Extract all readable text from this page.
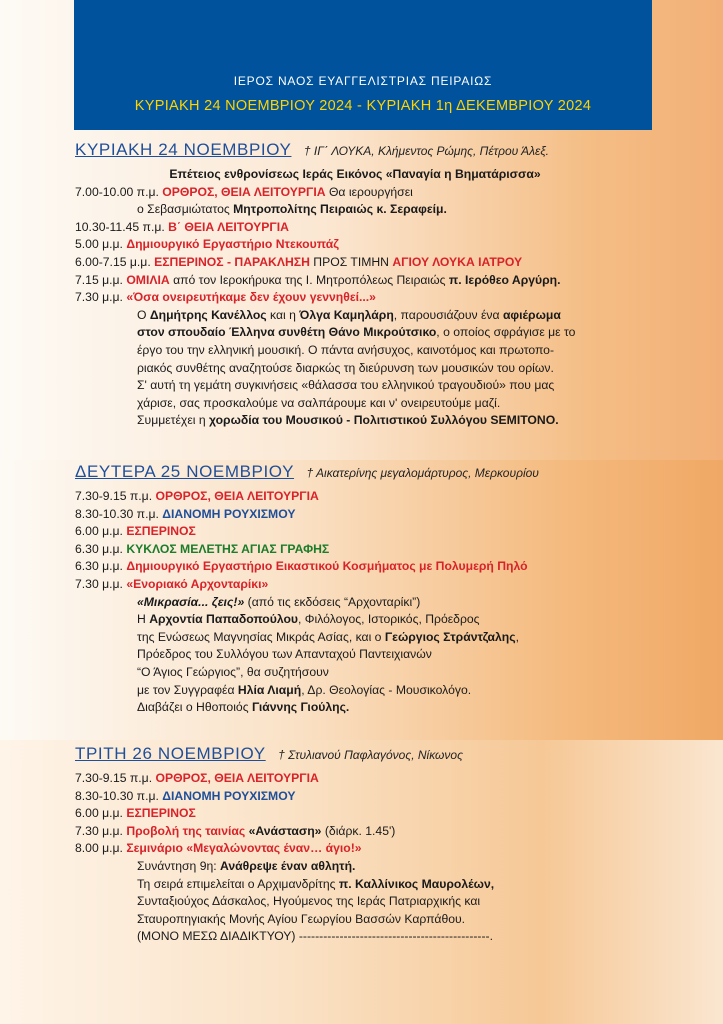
ΙΕΡΟΣ ΝΑΟΣ ΕΥΑΓΓΕΛΙΣΤΡΙΑΣ ΠΕΙΡΑΙΩΣ
ΚΥΡΙΑΚΗ 24 ΝΟΕΜΒΡΙΟΥ 2024 - ΚΥΡΙΑΚΗ 1η ΔΕΚΕΜΒΡΙΟΥ 2024
ΚΥΡΙΑΚΗ 24 ΝΟΕΜΒΡΙΟΥ † ΙΓ΄ ΛΟΥΚΑ, Κλήμεντος Ρώμης, Πέτρου Άλεξ.
Επέτειος ενθρονίσεως Ιεράς Εικόνος «Παναγία η Βηματάρισσα»
7.00-10.00 π.μ. ΟΡΘΡΟΣ, ΘΕΙΑ ΛΕΙΤΟΥΡΓΙΑ Θα ιερουργήσει
ο Σεβασμιώτατος Μητροπολίτης Πειραιώς κ. Σεραφείμ.
10.30-11.45 π.μ. Β΄ ΘΕΙΑ ΛΕΙΤΟΥΡΓΙΑ
5.00 μ.μ. Δημιουργικό Εργαστήριο Ντεκουπάζ
6.00-7.15 μ.μ. ΕΣΠΕΡΙΝΟΣ - ΠΑΡΑΚΛΗΣΗ ΠΡΟΣ ΤΙΜΗΝ ΑΓΙΟΥ ΛΟΥΚΑ ΙΑΤΡΟΥ
7.15 μ.μ. ΟΜΙΛΙΑ από τον Ιεροκήρυκα της Ι. Μητροπόλεως Πειραιώς π. Ιερόθεο Αργύρη.
7.30 μ.μ. «Όσα ονειρευτήκαμε δεν έχουν γεννηθεί...»
Ο Δημήτρης Κανέλλος και η Όλγα Καμηλάρη, παρουσιάζουν ένα αφιέρωμα
στον σπουδαίο Έλληνα συνθέτη Θάνο Μικρούτσικο, ο οποίος σφράγισε με το
έργο του την ελληνική μουσική. Ο πάντα ανήσυχος, καινοτόμος και πρωτοπο-
ριακός συνθέτης αναζητούσε διαρκώς τη διεύρυνση των μουσικών του ορίων.
Σ' αυτή τη γεμάτη συγκινήσεις «θάλασσα του ελληνικού τραγουδιού» που μας
χάρισε, σας προσκαλούμε να σαλπάρουμε και ν' ονειρευτούμε μαζί.
Συμμετέχει η χορωδία του Μουσικού - Πολιτιστικού Συλλόγου SEMITONO.
ΔΕΥΤΕΡΑ 25 ΝΟΕΜΒΡΙΟΥ † Αικατερίνης μεγαλομάρτυρος, Μερκουρίου
7.30-9.15 π.μ. ΟΡΘΡΟΣ, ΘΕΙΑ ΛΕΙΤΟΥΡΓΙΑ
8.30-10.30 π.μ. ΔΙΑΝΟΜΗ ΡΟΥΧΙΣΜΟΥ
6.00 μ.μ. ΕΣΠΕΡΙΝΟΣ
6.30 μ.μ. ΚΥΚΛΟΣ ΜΕΛΕΤΗΣ ΑΓΙΑΣ ΓΡΑΦΗΣ
6.30 μ.μ. Δημιουργικό Εργαστήριο Εικαστικού Κοσμήματος με Πολυμερή Πηλό
7.30 μ.μ. «Ενοριακό Αρχονταρίκι»
«Μικρασία... ζεις!» (από τις εκδόσεις “Αρχονταρίκι”)
Η Αρχοντία Παπαδοπούλου, Φιλόλογος, Ιστορικός, Πρόεδρος
της Ενώσεως Μαγνησίας Μικράς Ασίας, και ο Γεώργιος Στράντζαλης,
Πρόεδρος του Συλλόγου των Απανταχού Παντειχιανών
“Ο Άγιος Γεώργιος”, θα συζητήσουν
με τον Συγγραφέα Ηλία Λιαμή, Δρ. Θεολογίας - Μουσικολόγο.
Διαβάζει ο Ηθοποιός Γιάννης Γιούλης.
ΤΡΙΤΗ 26 ΝΟΕΜΒΡΙΟΥ † Στυλιανού Παφλαγόνος, Νίκωνος
7.30-9.15 π.μ. ΟΡΘΡΟΣ, ΘΕΙΑ ΛΕΙΤΟΥΡΓΙΑ
8.30-10.30 π.μ. ΔΙΑΝΟΜΗ ΡΟΥΧΙΣΜΟΥ
6.00 μ.μ. ΕΣΠΕΡΙΝΟΣ
7.30 μ.μ. Προβολή της ταινίας «Ανάσταση» (διάρκ. 1.45')
8.00 μ.μ. Σεμινάριο «Μεγαλώνοντας έναν… άγιο!»
Συνάντηση 9η: Ανάθρεψε έναν αθλητή.
Τη σειρά επιμελείται ο Αρχιμανδρίτης π. Καλλίνικος Μαυρολέων,
Συνταξιούχος Δάσκαλος, Ηγούμενος της Ιεράς Πατριαρχικής και
Σταυροπηγιακής Μονής Αγίου Γεωργίου Βασσών Καρπάθου.
(ΜΟΝΟ ΜΕΣΩ ΔΙΑΔΙΚΤΥΟΥ) -----------------------------------------------.
